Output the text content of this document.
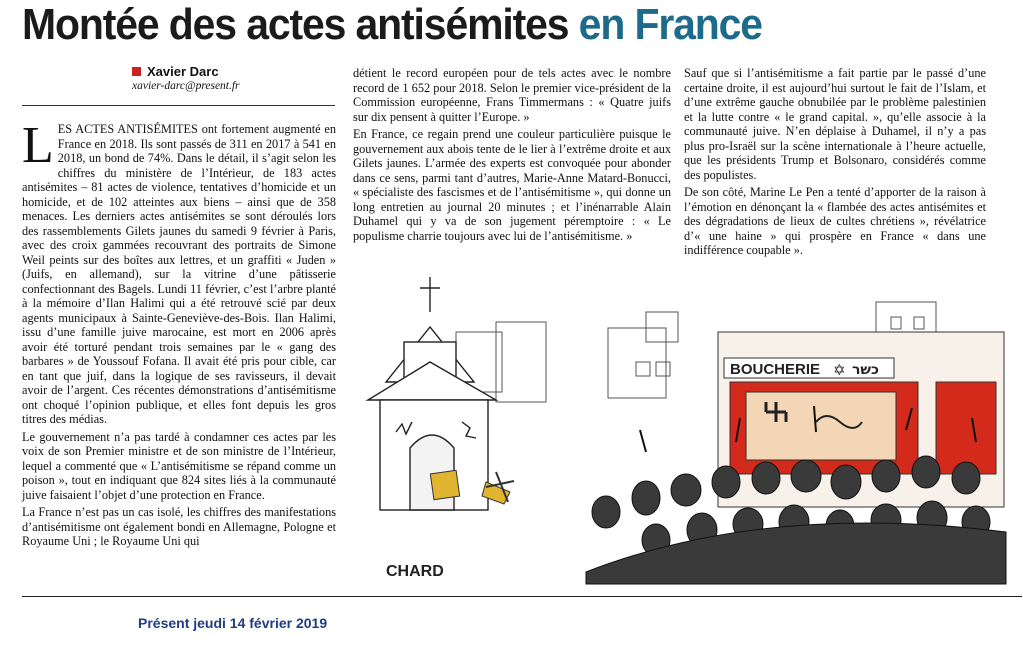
Montée des actes antisémites en France
Xavier Darc
xavier-darc@present.fr

LES ACTES ANTISÉMITES ont fortement augmenté en France en 2018. Ils sont passés de 311 en 2017 à 541 en 2018, un bond de 74%. Dans le détail, il s’agit selon les chiffres du ministère de l’Intérieur, de 183 actes antisémites – 81 actes de violence, tentatives d’homicide et un homicide, et de 102 atteintes aux biens – ainsi que de 358 menaces. Les derniers actes antisémites se sont déroulés lors des rassemblements Gilets jaunes du samedi 9 février à Paris, avec des croix gammées recouvrant des portraits de Simone Weil peints sur des boîtes aux lettres, et un graffiti « Juden » (Juifs, en allemand), sur la vitrine d’une pâtisserie confectionnant des Bagels. Lundi 11 février, c’est l’arbre planté à la mémoire d’Ilan Halimi qui a été retrouvé scié par deux agents municipaux à Sainte-Geneviève-des-Bois. Ilan Halimi, issu d’une famille juive marocaine, est mort en 2006 après avoir été torturé pendant trois semaines par le « gang des barbares » de Youssouf Fofana. Il avait été pris pour cible, car en tant que juif, dans la logique de ses ravisseurs, il devait avoir de l’argent. Ces récentes démonstrations d’antisémitisme ont choqué l’opinion publique, et elles font depuis les gros titres des médias.

Le gouvernement n’a pas tardé à condamner ces actes par les voix de son Premier ministre et de son ministre de l’Intérieur, lequel a commenté que « L’antisémitisme se répand comme un poison », tout en indiquant que 824 sites liés à la communauté juive faisaient l’objet d’une protection en France.

La France n’est pas un cas isolé, les chiffres des manifestations d’antisémitisme ont également bondi en Allemagne, Pologne et Royaume Uni ; le Royaume Uni qui

détient le record européen pour de tels actes avec le nombre record de 1 652 pour 2018. Selon le premier vice-président de la Commission européenne, Frans Timmermans : « Quatre juifs sur dix pensent à quitter l’Europe. »

En France, ce regain prend une couleur particulière puisque le gouvernement aux abois tente de le lier à l’extrême droite et aux Gilets jaunes. L’armée des experts est convoquée pour abonder dans ce sens, parmi tant d’autres, Marie-Anne Matard-Bonucci, « spécialiste des fascismes et de l’antisémitisme », qui donne un long entretien au journal 20 minutes ; et l’inénarrable Alain Duhamel qui y va de son jugement péremptoire : « Le populisme charrie toujours avec lui de l’antisémitisme. »

Sauf que si l’antisémitisme a fait partie par le passé d’une certaine droite, il est aujourd’hui surtout le fait de l’Islam, et d’une extrême gauche obnubilée par le problème palestinien et la lutte contre « le grand capital. », qu’elle associe à la communauté juive. N’en déplaise à Duhamel, il n’y a pas plus pro-Israël sur la scène internationale à l’heure actuelle, que les présidents Trump et Bolsonaro, considérés comme des populistes.

De son côté, Marine Le Pen a tenté d’apporter de la raison à l’émotion en dénonçant la « flambée des actes antisémites et des dégradations de lieux de cultes chrétiens », révélatrice d’« une haine » qui prospère en France « dans une indifférence coupable ».

BOUCHERIE ✡ כשר
CHARD
Présent jeudi 14 février 2019
